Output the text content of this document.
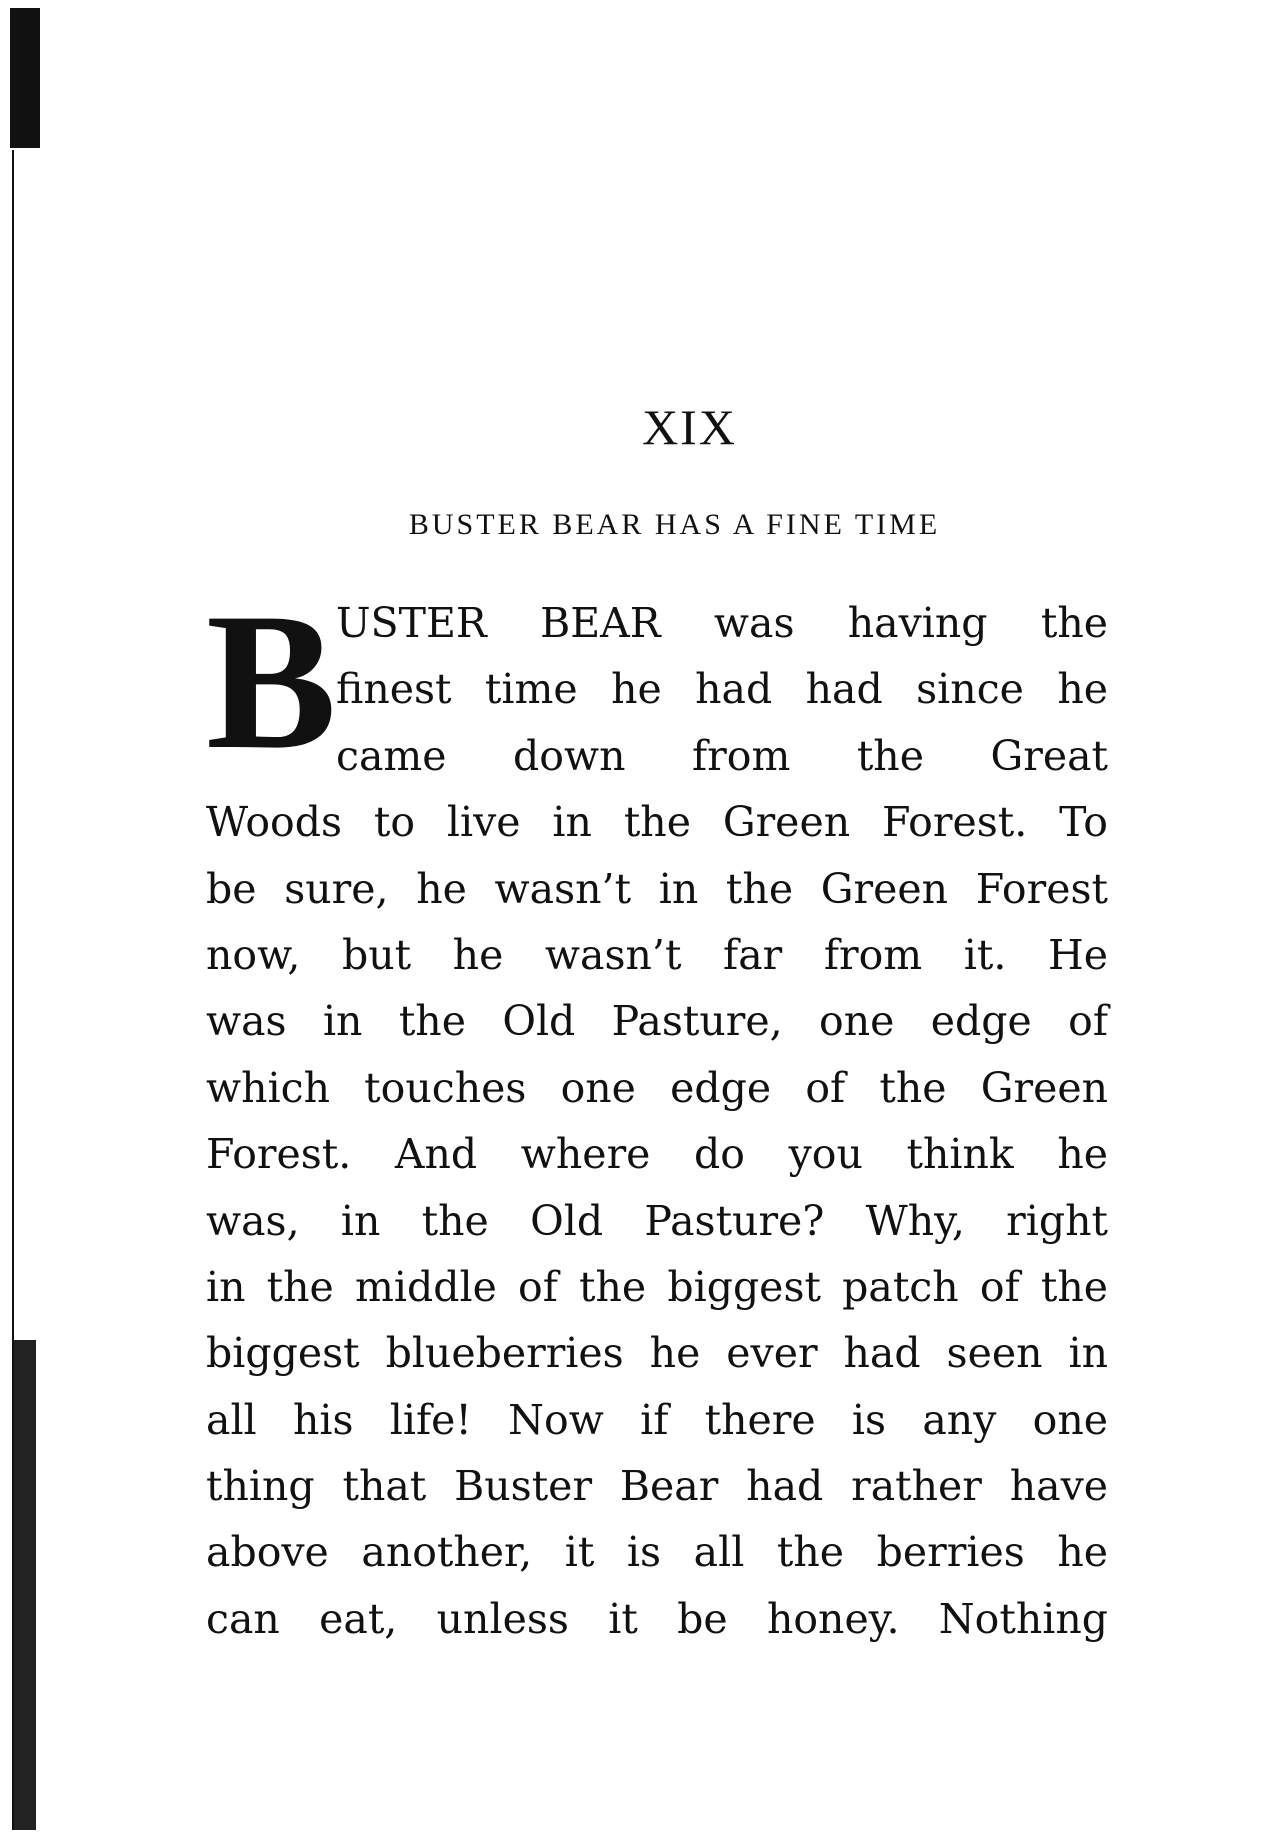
XIX
BUSTER BEAR HAS A FINE TIME
B USTER BEAR was having the
finest time he had had since he
came down from the Great
Woods to live in the Green Forest. To
be sure, he wasn’t in the Green Forest
now, but he wasn’t far from it. He
was in the Old Pasture, one edge of
which touches one edge of the Green
Forest. And where do you think he
was, in the Old Pasture? Why, right
in the middle of the biggest patch of the
biggest blueberries he ever had seen in
all his life! Now if there is any one
thing that Buster Bear had rather have
above another, it is all the berries he
can eat, unless it be honey. Nothing
